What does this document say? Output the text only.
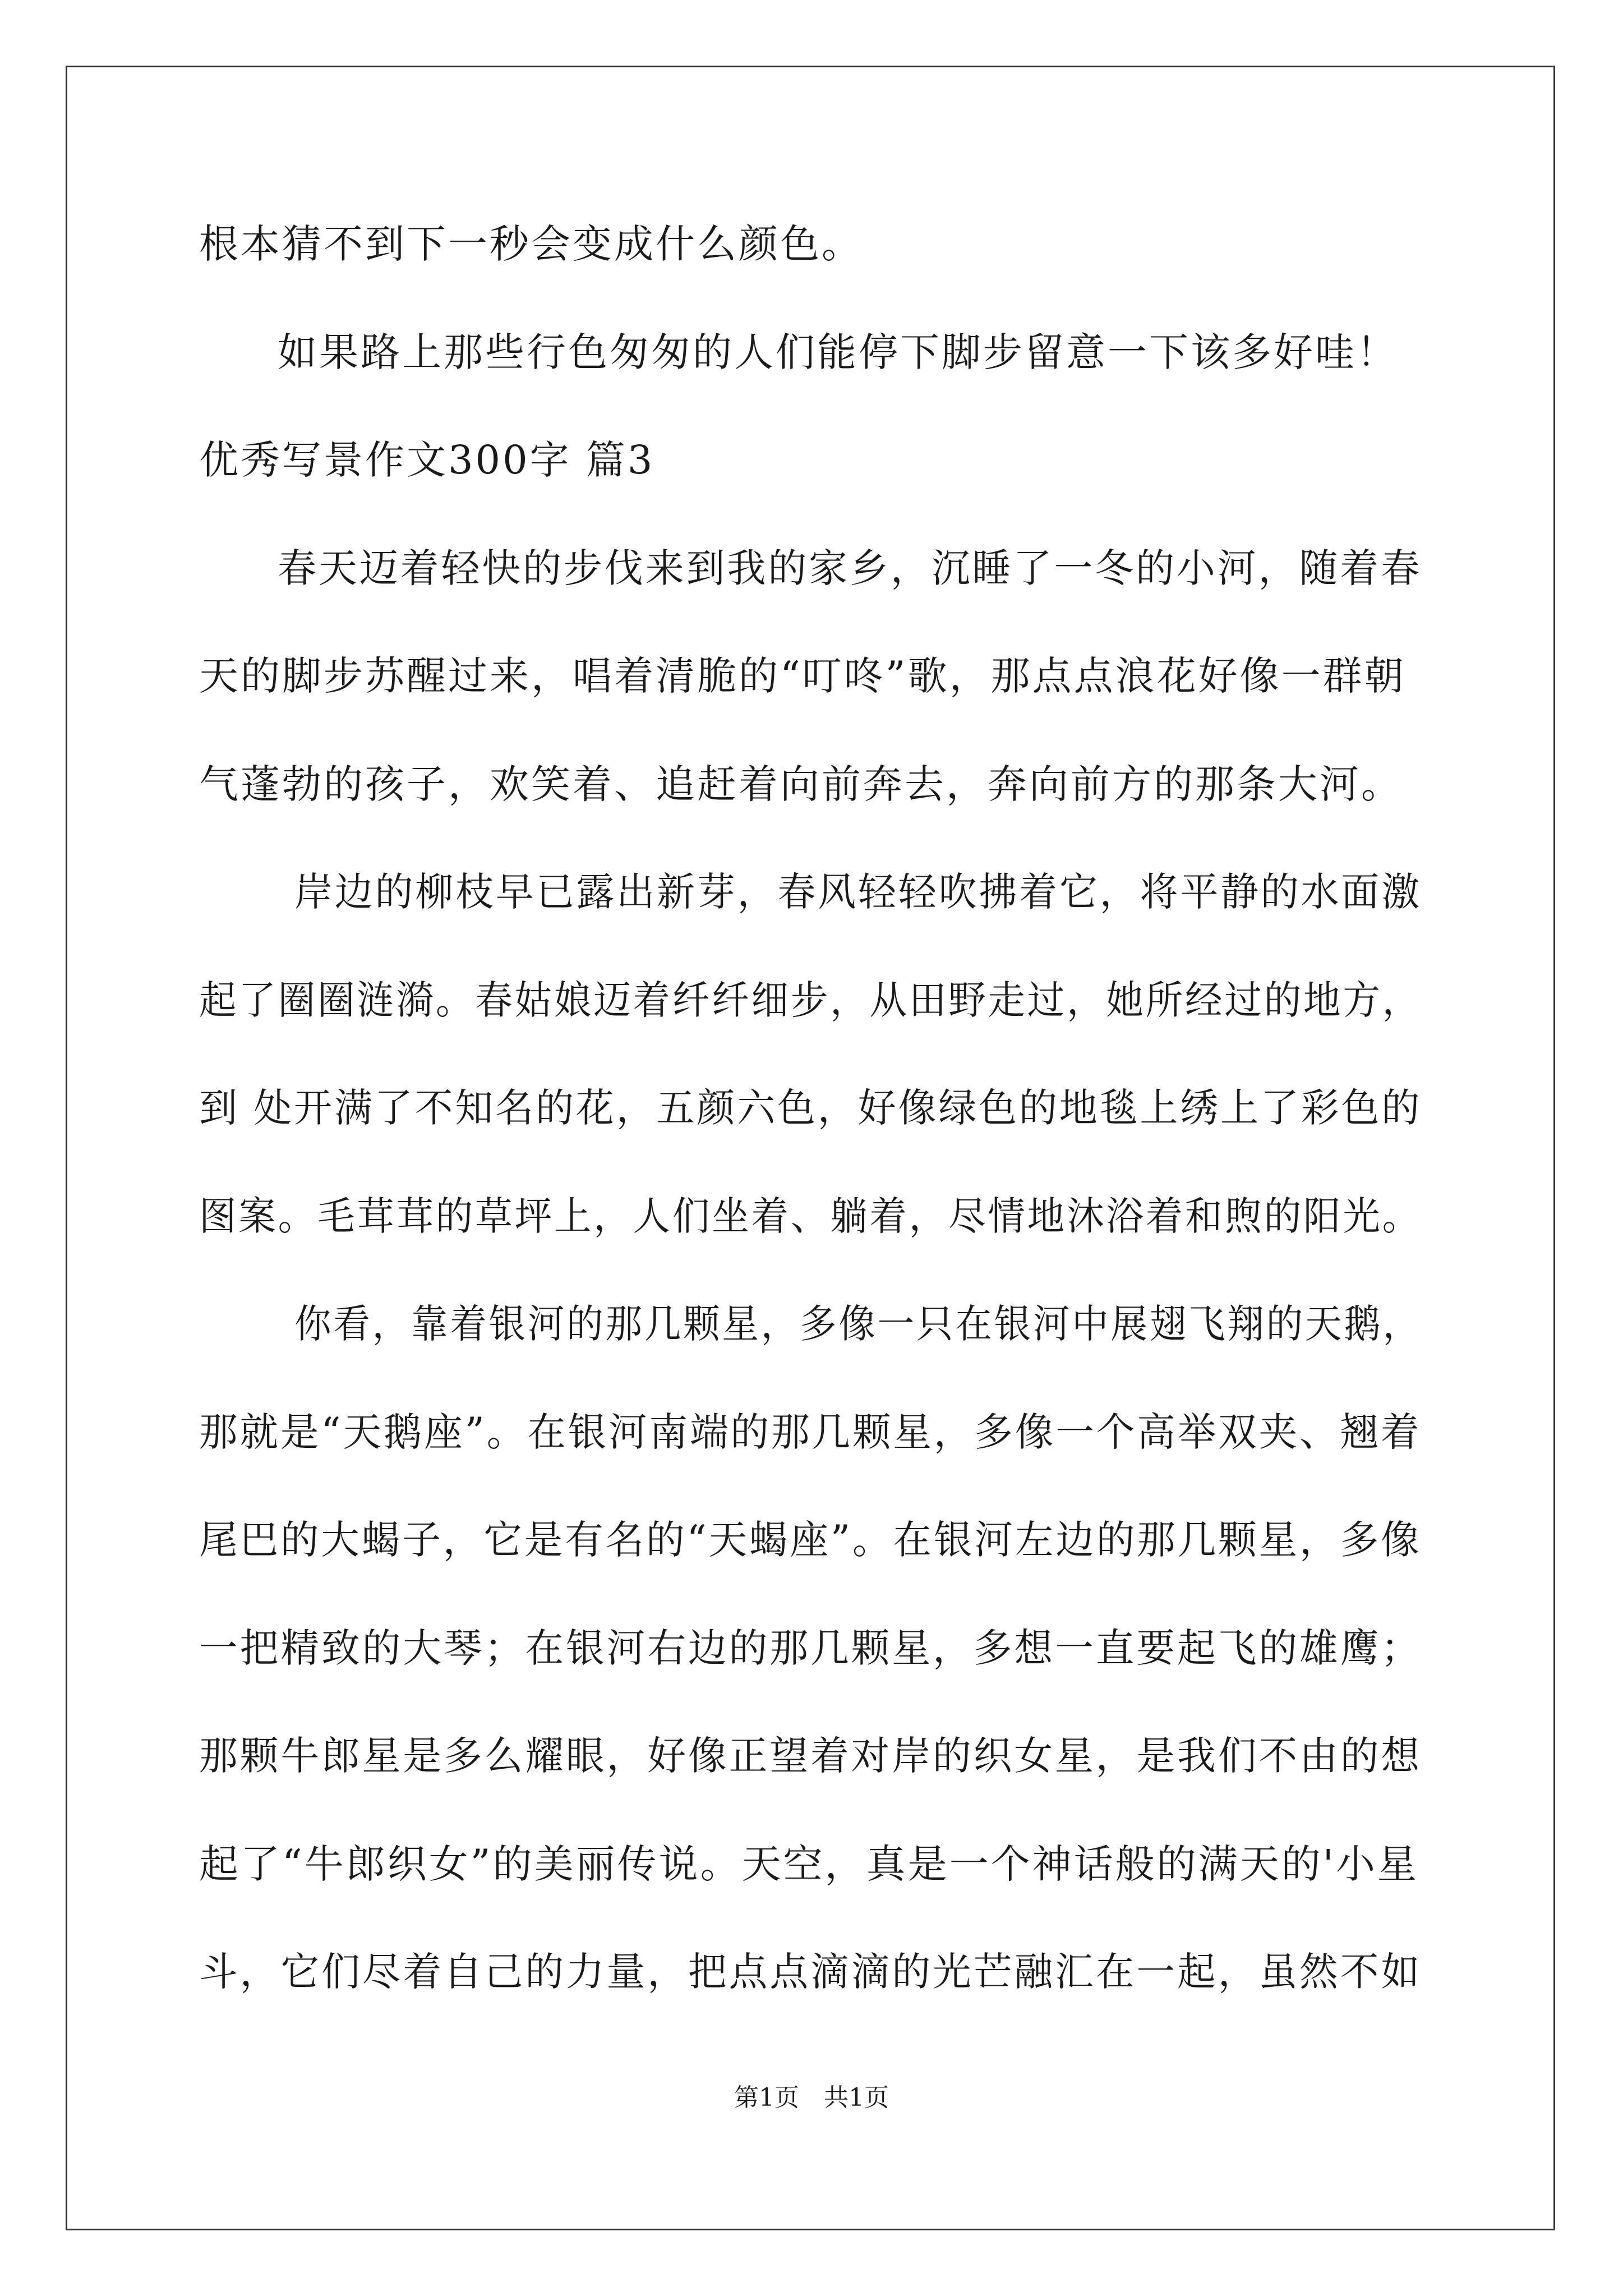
根本猜不到下一秒会变成什么颜色。
如果路上那些行色匆匆的人们能停下脚步留意一下该多好哇！
优秀写景作文300字 篇3
春天迈着轻快的步伐来到我的家乡，沉睡了一冬的小河，随着春
天的脚步苏醒过来，唱着清脆的“叮咚”歌，那点点浪花好像一群朝
气蓬勃的孩子，欢笑着、追赶着向前奔去，奔向前方的那条大河。
岸边的柳枝早已露出新芽，春风轻轻吹拂着它，将平静的水面激
起了圈圈涟漪。春姑娘迈着纤纤细步，从田野走过，她所经过的地方，
到 处开满了不知名的花，五颜六色，好像绿色的地毯上绣上了彩色的
图案。毛茸茸的草坪上，人们坐着、躺着，尽情地沐浴着和煦的阳光。
你看，靠着银河的那几颗星，多像一只在银河中展翅飞翔的天鹅，
那就是“天鹅座”。在银河南端的那几颗星，多像一个高举双夹、翘着
尾巴的大蝎子，它是有名的“天蝎座”。在银河左边的那几颗星，多像
一把精致的大琴；在银河右边的那几颗星，多想一直要起飞的雄鹰；
那颗牛郎星是多么耀眼，好像正望着对岸的织女星，是我们不由的想
起了“牛郎织女”的美丽传说。天空，真是一个神话般的满天的'小星
斗，它们尽着自己的力量，把点点滴滴的光芒融汇在一起，虽然不如
第1页　共1页
